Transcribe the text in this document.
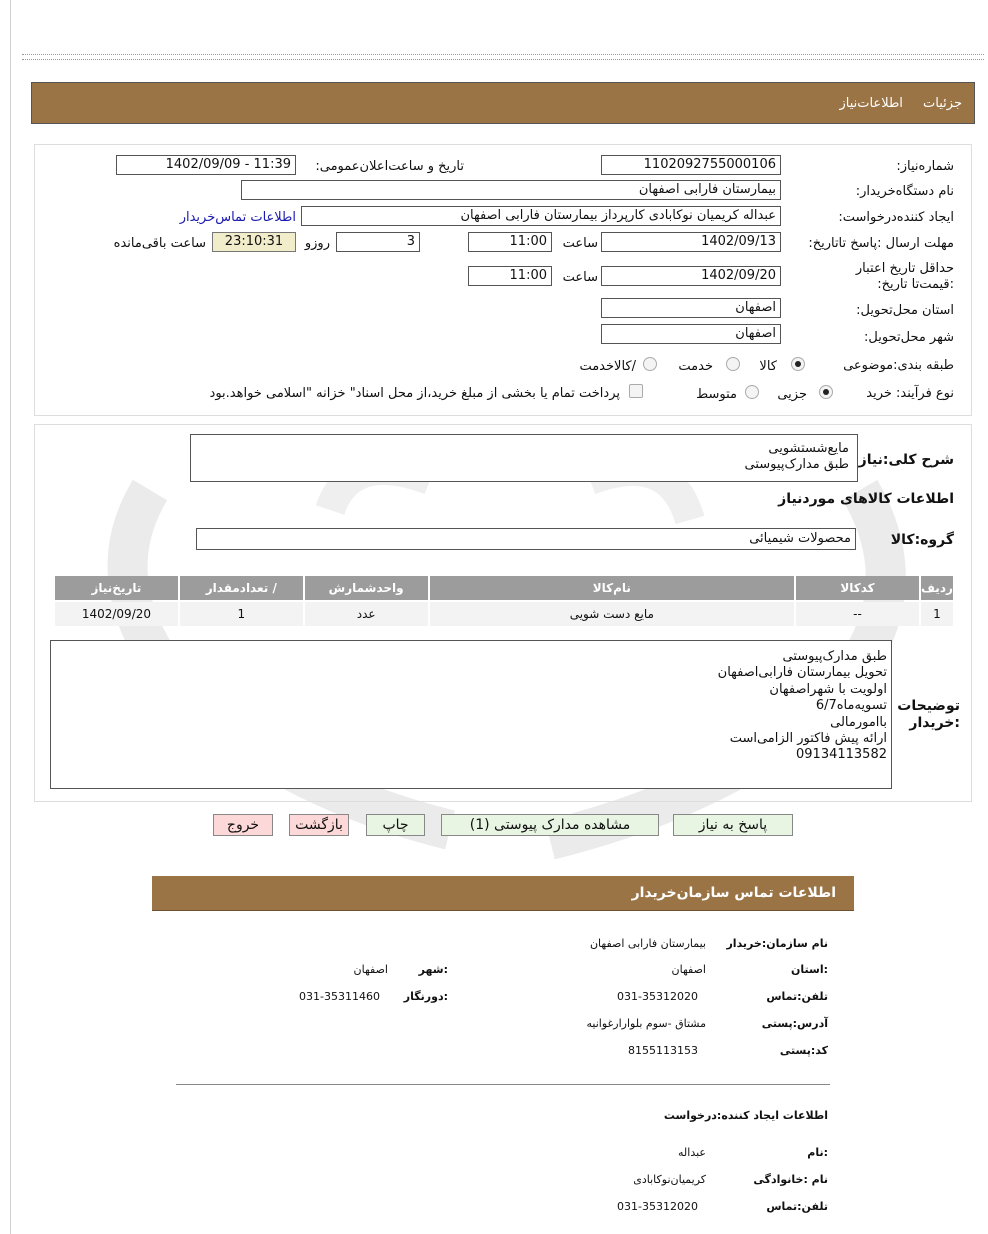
جزئیات اطلاعات‌نیاز
شماره‌نیاز:
1102092755000106
تاریخ و ساعت‌اعلان‌عمومی:
1402/09/09 - 11:39
نام دستگاه‌خریدار:
بیمارستان فارابی اصفهان
ایجاد کننده‌درخواست:
عبداله کریمیان نوکابادی کارپرداز بیمارستان فارابی اصفهان
اطلاعات تماس‌خریدار
مهلت ارسال :پاسخ تا‌تاریخ:
1402/09/13
ساعت
11:00
3
روزو
23:10:31
ساعت باقی‌مانده
حداقل تاریخ اعتبار :قیمت‌تا تاریخ:
1402/09/20
ساعت
11:00
استان محل‌تحویل:
اصفهان
شهر محل‌تحویل:
اصفهان
طبقه بندی:موضوعی
کالا
خدمت
/کالاخدمت
نوع فرآیند: خرید
جزیی
متوسط
پرداخت تمام یا بخشی از مبلغ خرید،از محل اسناد" خزانه "اسلامی خواهد.بود
شرح کلی:نیاز
مایع‌شستشویی
طبق مدارک‌پیوستی
اطلاعات کالاهای موردنیاز
گروه:کالا
محصولات شیمیائی
ردیف	کدکالا	نام‌کالا	واحدشمارش	/ تعدادمقدار	تاریخ‌نیاز
1	--	مایع دست شویی	عدد	1	1402/09/20
توضیحات :خریدار
طبق مدارک‌پیوستی
تحویل بیمارستان فارابی‌اصفهان
اولویت با شهراصفهان
تسویه‌ماه6/7
باامورمالی
ارائه پیش فاکتور الزامی‌است
09134113582
پاسخ به نیاز
مشاهده مدارک پیوستی (1)
چاپ
بازگشت
خروج
اطلاعات تماس سازمان‌خریدار
نام سازمان:خریدار
بیمارستان فارابی اصفهان
:استان
اصفهان
:شهر
اصفهان
تلفن:تماس
031-35312020
:دورنگار
031-35311460
آدرس:پستی
مشتاق -سوم بلوارارغوانیه
کد:پستی
8155113153
اطلاعات ایجاد کننده:درخواست
:نام
عبداله
نام :خانوادگی
کریمیان‌نوکابادی
تلفن:تماس
031-35312020
